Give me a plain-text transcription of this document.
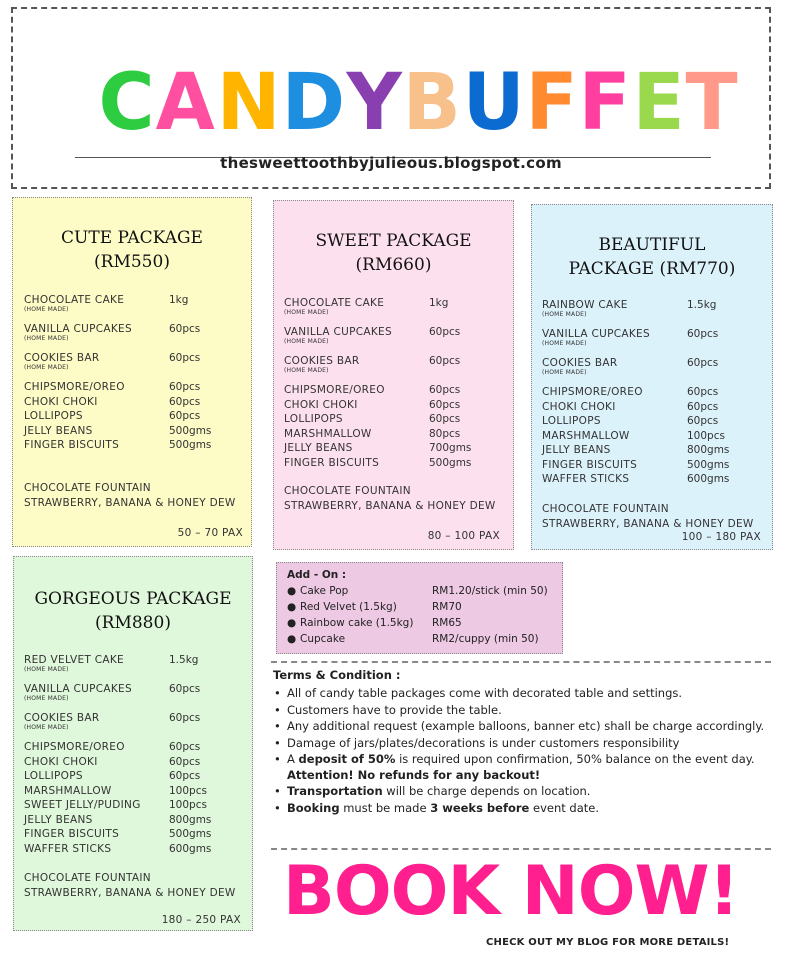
C A N D Y B U F F E T
thesweettoothbyjulieous.blogspot.com
CUTE PACKAGE
(RM550)
CHOCOLATE CAKE	1kg
(HOME MADE)
VANILLA CUPCAKES	60pcs
(HOME MADE)
COOKIES BAR	60pcs
(HOME MADE)
CHIPSMORE/OREO	60pcs
CHOKI CHOKI	60pcs
LOLLIPOPS	60pcs
JELLY BEANS	500gms
FINGER BISCUITS	500gms
CHOCOLATE FOUNTAIN
STRAWBERRY, BANANA & HONEY DEW
50 – 70 PAX
SWEET PACKAGE
(RM660)
CHOCOLATE CAKE	1kg
(HOME MADE)
VANILLA CUPCAKES	60pcs
(HOME MADE)
COOKIES BAR	60pcs
(HOME MADE)
CHIPSMORE/OREO	60pcs
CHOKI CHOKI	60pcs
LOLLIPOPS	60pcs
MARSHMALLOW	80pcs
JELLY BEANS	700gms
FINGER BISCUITS	500gms
CHOCOLATE FOUNTAIN
STRAWBERRY, BANANA & HONEY DEW
80 – 100 PAX
BEAUTIFUL
PACKAGE (RM770)
RAINBOW CAKE	1.5kg
(HOME MADE)
VANILLA CUPCAKES	60pcs
(HOME MADE)
COOKIES BAR	60pcs
(HOME MADE)
CHIPSMORE/OREO	60pcs
CHOKI CHOKI	60pcs
LOLLIPOPS	60pcs
MARSHMALLOW	100pcs
JELLY BEANS	800gms
FINGER BISCUITS	500gms
WAFFER STICKS	600gms
CHOCOLATE FOUNTAIN
STRAWBERRY, BANANA & HONEY DEW
100 – 180 PAX
GORGEOUS PACKAGE
(RM880)
RED VELVET CAKE	1.5kg
(HOME MADE)
VANILLA CUPCAKES	60pcs
(HOME MADE)
COOKIES BAR	60pcs
(HOME MADE)
CHIPSMORE/OREO	60pcs
CHOKI CHOKI	60pcs
LOLLIPOPS	60pcs
MARSHMALLOW	100pcs
SWEET JELLY/PUDING	100pcs
JELLY BEANS	800gms
FINGER BISCUITS	500gms
WAFFER STICKS	600gms
CHOCOLATE FOUNTAIN
STRAWBERRY, BANANA & HONEY DEW
180 – 250 PAX
Add - On :
● Cake Pop	RM1.20/stick (min 50)
● Red Velvet (1.5kg)	RM70
● Rainbow cake (1.5kg) RM65
● Cupcake	RM2/cuppy (min 50)
Terms & Condition :
• All of candy table packages come with decorated table and settings.
• Customers have to provide the table.
• Any additional request (example balloons, banner etc) shall be charge accordingly.
• Damage of jars/plates/decorations is under customers responsibility
• A deposit of 50% is required upon confirmation, 50% balance on the event day. Attention! No refunds for any backout!
• Transportation will be charge depends on location.
• Booking must be made 3 weeks before event date.
BOOK NOW!
CHECK OUT MY BLOG FOR MORE DETAILS!
